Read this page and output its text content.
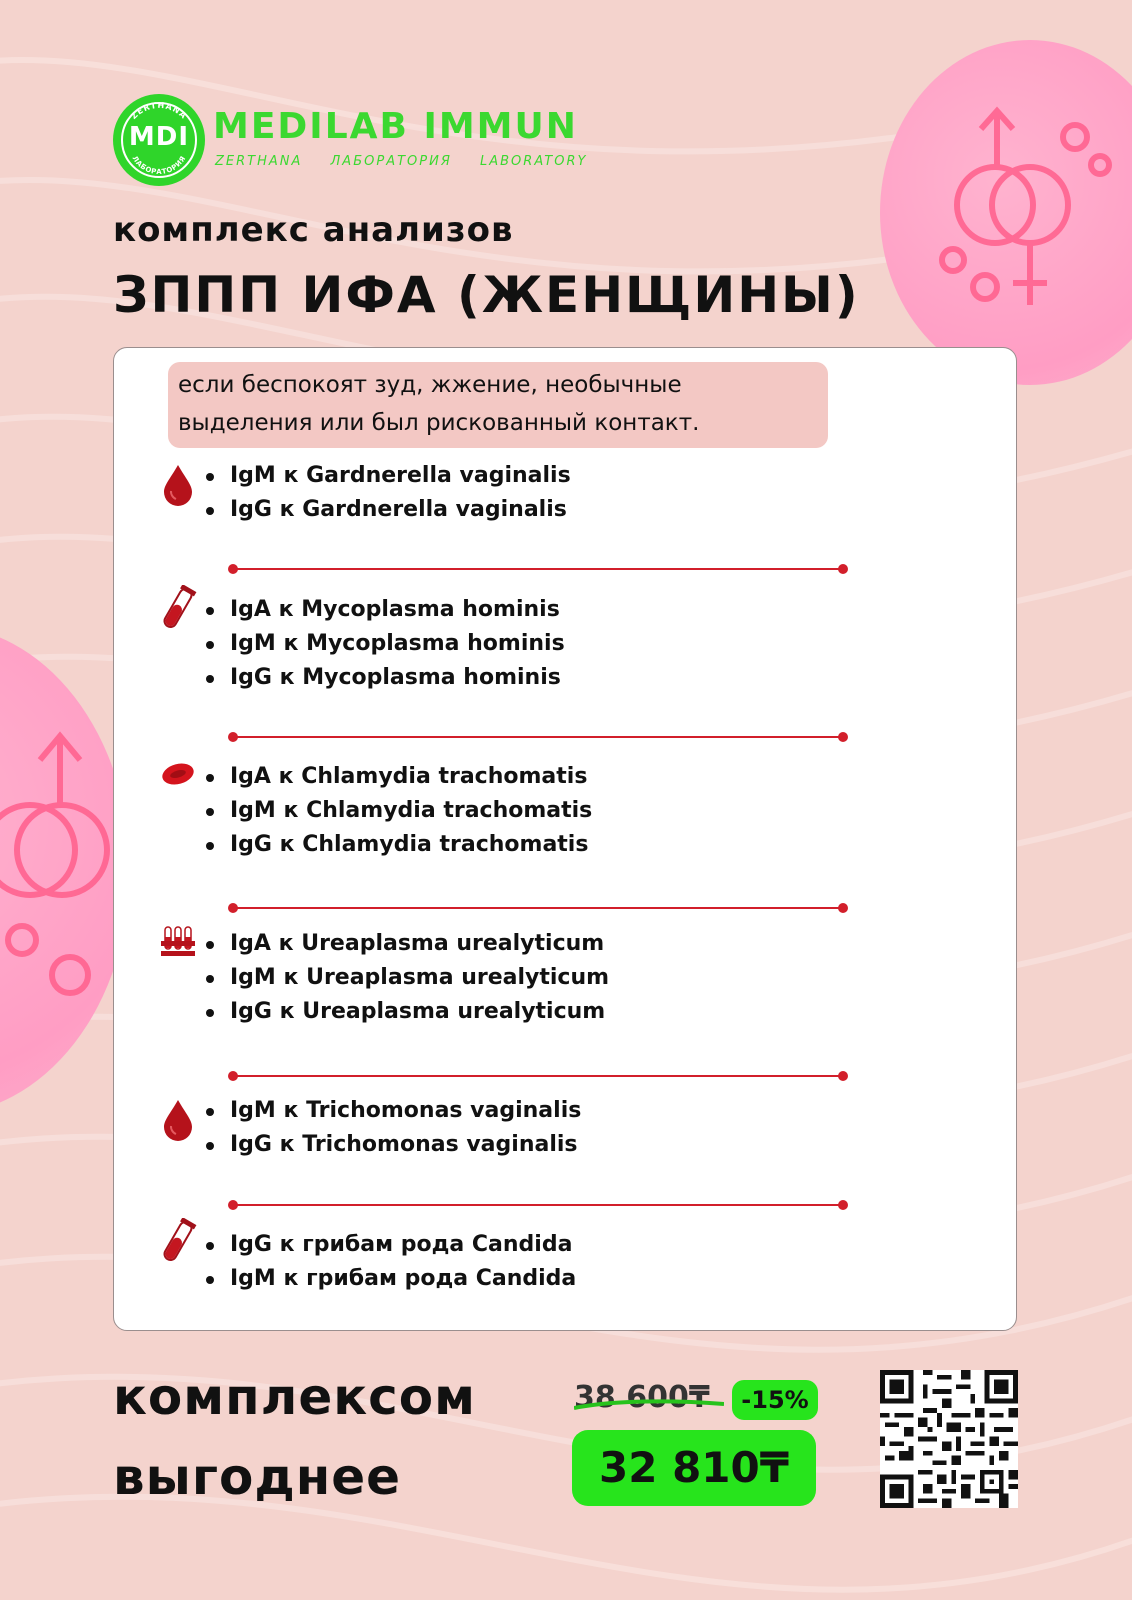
ZERTHANA
ЛАБОРАТОРИЯ
MDI MEDILAB IMMUN
ZERTHANA ЛАБОРАТОРИЯ LABORATORY
комплекс анализов
ЗППП ИФА (ЖЕНЩИНЫ)
если беспокоят зуд, жжение, необычные
выделения или был рискованный контакт.
IgM к Gardnerella vaginalis
IgG к Gardnerella vaginalis
IgA к Mycoplasma hominis
IgM к Mycoplasma hominis
IgG к Mycoplasma hominis
IgA к Chlamydia trachomatis
IgM к Chlamydia trachomatis
IgG к Chlamydia trachomatis
IgA к Ureaplasma urealyticum
IgM к Ureaplasma urealyticum
IgG к Ureaplasma urealyticum
IgM к Trichomonas vaginalis
IgG к Trichomonas vaginalis
IgG к грибам рода Candida
IgM к грибам рода Candida
комплексом
выгоднее
38 600₸	-15%
32 810₸
